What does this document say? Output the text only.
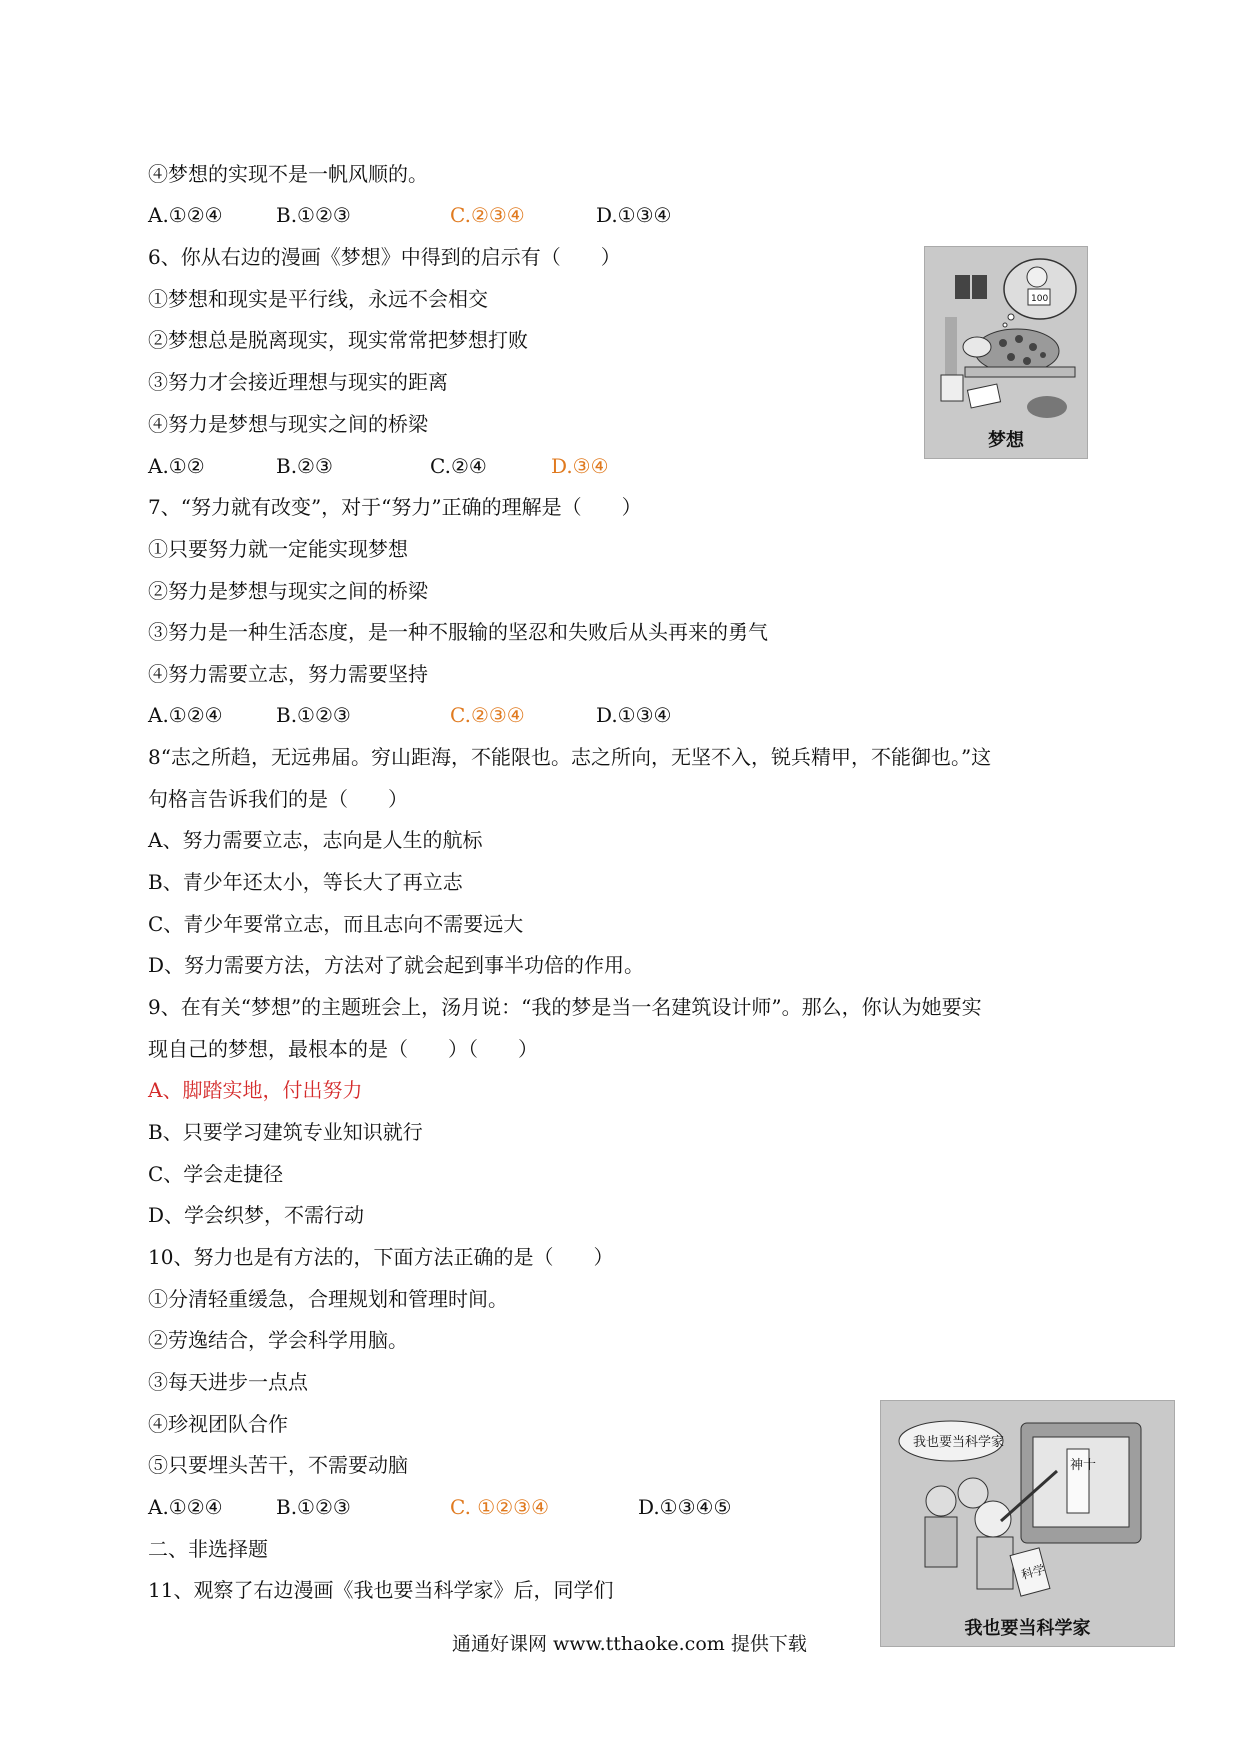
④梦想的实现不是一帆风顺的。
A.①②④	B.①②③	C.②③④	D.①③④
6、你从右边的漫画《梦想》中得到的启示有（　　）
①梦想和现实是平行线，永远不会相交
②梦想总是脱离现实，现实常常把梦想打败
③努力才会接近理想与现实的距离
④努力是梦想与现实之间的桥梁
A.①②	B.②③	C.②④	D.③④
100
梦想
7、“努力就有改变”，对于“努力”正确的理解是（　　）
①只要努力就一定能实现梦想
②努力是梦想与现实之间的桥梁
③努力是一种生活态度，是一种不服输的坚忍和失败后从头再来的勇气
④努力需要立志，努力需要坚持
A.①②④	B.①②③	C.②③④	D.①③④
8“志之所趋，无远弗届。穷山距海，不能限也。志之所向，无坚不入，锐兵精甲，不能御也。”这
句格言告诉我们的是（　　）
A、努力需要立志，志向是人生的航标
B、青少年还太小，等长大了再立志
C、青少年要常立志，而且志向不需要远大
D、努力需要方法，方法对了就会起到事半功倍的作用。
9、在有关“梦想”的主题班会上，汤月说：“我的梦是当一名建筑设计师”。那么，你认为她要实
现自己的梦想，最根本的是（　　）（　　）
A、脚踏实地，付出努力
B、只要学习建筑专业知识就行
C、学会走捷径
D、学会织梦，不需行动
10、努力也是有方法的，下面方法正确的是（　　）
①分清轻重缓急，合理规划和管理时间。
②劳逸结合，学会科学用脑。
③每天进步一点点
④珍视团队合作
⑤只要埋头苦干，不需要动脑
A.①②④	B.①②③	C. ①②③④	D.①③④⑤
二、非选择题
11、观察了右边漫画《我也要当科学家》后，同学们
我也要当科学家
神十
科学
我也要当科学家
通通好课网 www.tthaoke.com 提供下载
